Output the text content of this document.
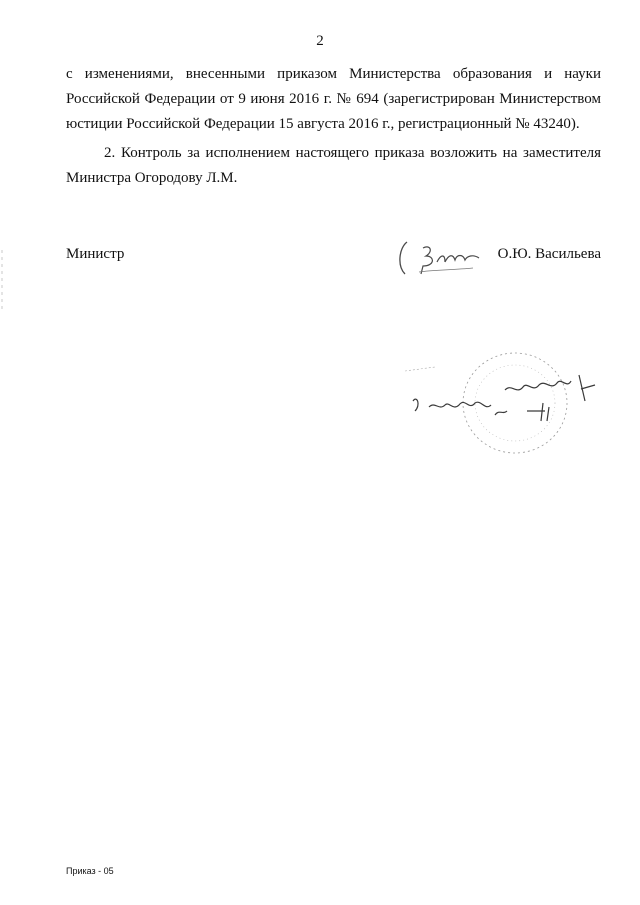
2

с изменениями, внесенными приказом Министерства образования и науки Российской Федерации от 9 июня 2016 г. № 694 (зарегистрирован Министерством юстиции Российской Федерации 15 августа 2016 г., регистрационный № 43240).

2. Контроль за исполнением настоящего приказа возложить на заместителя Министра Огородову Л.М.

Министр	О.Ю. Васильева
Приказ - 05
